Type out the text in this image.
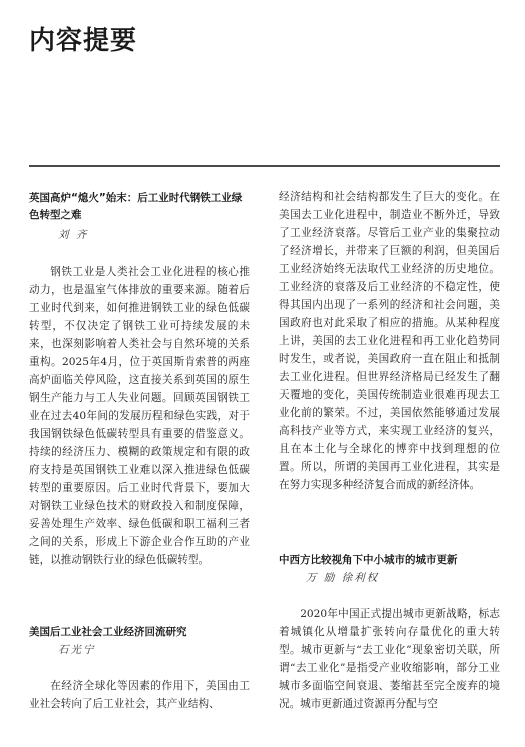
内容提要
英国高炉“熄火”始末：后工业时代钢铁工业绿色转型之难
刘 齐

钢铁工业是人类社会工业化进程的核心推动力，也是温室气体排放的重要来源。随着后工业时代到来，如何推进钢铁工业的绿色低碳转型，不仅决定了钢铁工业可持续发展的未来，也深刻影响着人类社会与自然环境的关系重构。2025年4月，位于英国斯肯索普的两座高炉面临关停风险，这直接关系到英国的原生钢生产能力与工人失业问题。回顾英国钢铁工业在过去40年间的发展历程和绿色实践，对于我国钢铁绿色低碳转型具有重要的借鉴意义。持续的经济压力、模糊的政策规定和有限的政府支持是英国钢铁工业难以深入推进绿色低碳转型的重要原因。后工业时代背景下，要加大对钢铁工业绿色技术的财政投入和制度保障，妥善处理生产效率、绿色低碳和职工福利三者之间的关系，形成上下游企业合作互助的产业链，以推动钢铁行业的绿色低碳转型。

美国后工业社会工业经济回流研究
石光宁

在经济全球化等因素的作用下，美国由工业社会转向了后工业社会，其产业结构、

经济结构和社会结构都发生了巨大的变化。在美国去工业化进程中，制造业不断外迁，导致了工业经济衰落。尽管后工业产业的集聚拉动了经济增长，并带来了巨额的利润，但美国后工业经济始终无法取代工业经济的历史地位。工业经济的衰落及后工业经济的不稳定性，使得其国内出现了一系列的经济和社会问题，美国政府也对此采取了相应的措施。从某种程度上讲，美国的去工业化进程和再工业化趋势同时发生，或者说，美国政府一直在阻止和抵制去工业化进程。但世界经济格局已经发生了翻天覆地的变化，美国传统制造业很难再现去工业化前的繁荣。不过，美国依然能够通过发展高科技产业等方式，来实现工业经济的复兴，且在本土化与全球化的博弈中找到理想的位置。所以，所谓的美国再工业化进程，其实是在努力实现多种经济复合而成的新经济体。

中西方比较视角下中小城市的城市更新
万 励 徐利权

2020年中国正式提出城市更新战略，标志着城镇化从增量扩张转向存量优化的重大转型。城市更新与“去工业化”现象密切关联，所谓“去工业化”是指受产业收缩影响，部分工业城市多面临空间衰退、萎缩甚至完全废弃的境况。城市更新通过资源再分配与空
